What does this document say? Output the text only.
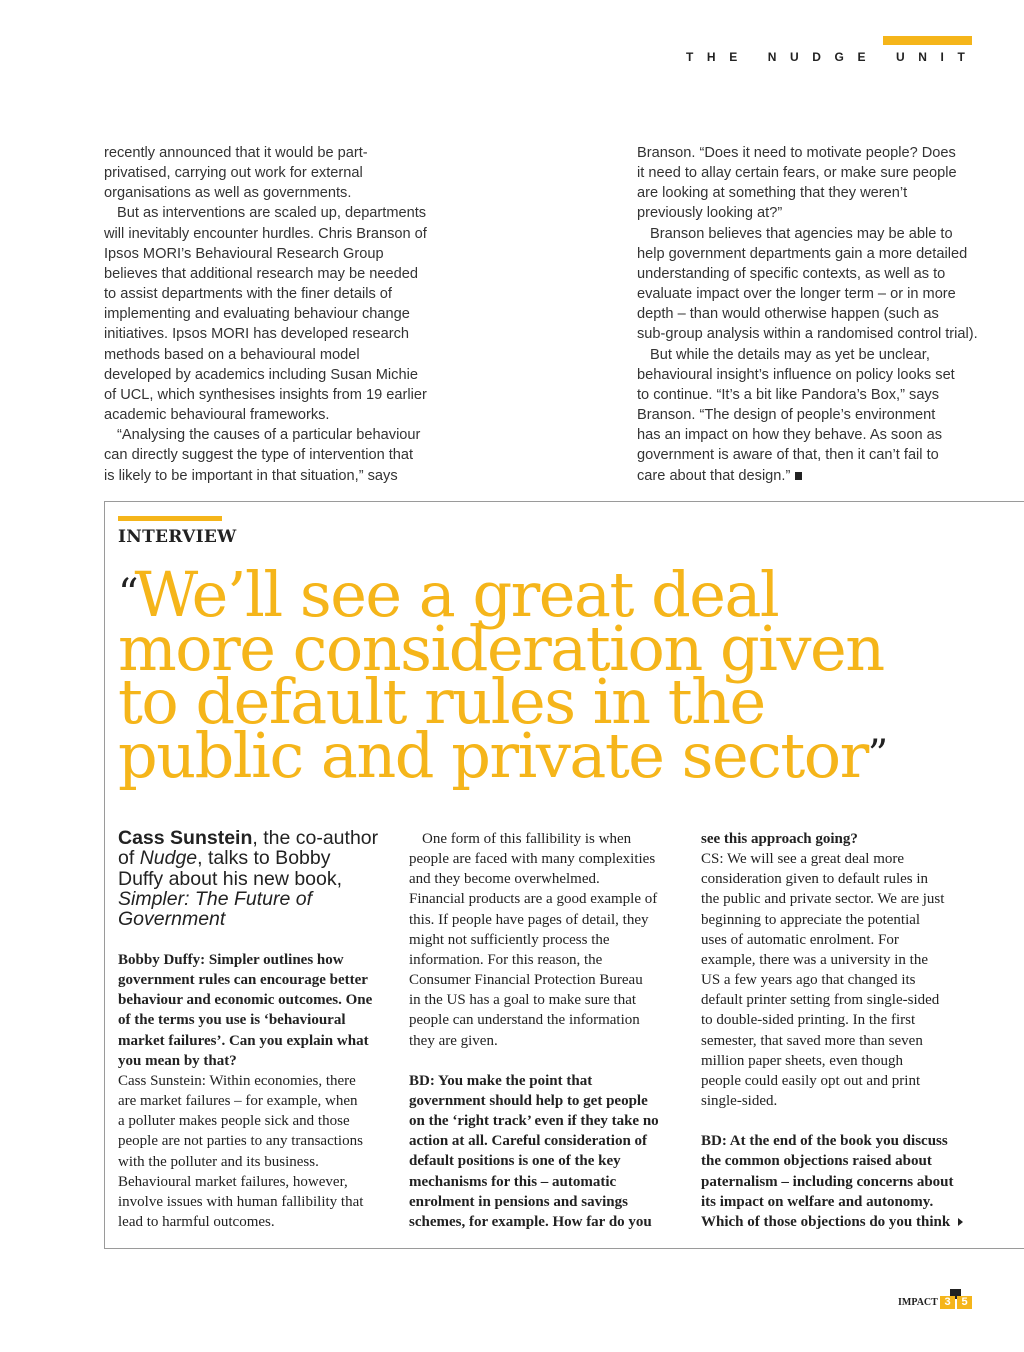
THE NUDGE UNIT
recently announced that it would be part-
privatised, carrying out work for external
organisations as well as governments.
But as interventions are scaled up, departments
will inevitably encounter hurdles. Chris Branson of
Ipsos MORI’s Behavioural Research Group
believes that additional research may be needed
to assist departments with the finer details of
implementing and evaluating behaviour change
initiatives. Ipsos MORI has developed research
methods based on a behavioural model
developed by academics including Susan Michie
of UCL, which synthesises insights from 19 earlier
academic behavioural frameworks.
“Analysing the causes of a particular behaviour
can directly suggest the type of intervention that
is likely to be important in that situation,” says
Branson. “Does it need to motivate people? Does
it need to allay certain fears, or make sure people
are looking at something that they weren’t
previously looking at?”
Branson believes that agencies may be able to
help government departments gain a more detailed
understanding of specific contexts, as well as to
evaluate impact over the longer term – or in more
depth – than would otherwise happen (such as
sub-group analysis within a randomised control trial).
But while the details may as yet be unclear,
behavioural insight’s influence on policy looks set
to continue. “It’s a bit like Pandora’s Box,” says
Branson. “The design of people’s environment
has an impact on how they behave. As soon as
government is aware of that, then it can’t fail to
care about that design.”
INTERVIEW
“We’ll see a great deal
more consideration given
to default rules in the
public and private sector”
Cass Sunstein, the co-author
of Nudge, talks to Bobby
Duffy about his new book,
Simpler: The Future of
Government
Bobby Duffy: Simpler outlines how
government rules can encourage better
behaviour and economic outcomes. One
of the terms you use is ‘behavioural
market failures’. Can you explain what
you mean by that?
Cass Sunstein: Within economies, there
are market failures – for example, when
a polluter makes people sick and those
people are not parties to any transactions
with the polluter and its business.
Behavioural market failures, however,
involve issues with human fallibility that
lead to harmful outcomes.
One form of this fallibility is when
people are faced with many complexities
and they become overwhelmed.
Financial products are a good example of
this. If people have pages of detail, they
might not sufficiently process the
information. For this reason, the
Consumer Financial Protection Bureau
in the US has a goal to make sure that
people can understand the information
they are given.
BD: You make the point that
government should help to get people
on the ‘right track’ even if they take no
action at all. Careful consideration of
default positions is one of the key
mechanisms for this – automatic
enrolment in pensions and savings
schemes, for example. How far do you
see this approach going?
CS: We will see a great deal more
consideration given to default rules in
the public and private sector. We are just
beginning to appreciate the potential
uses of automatic enrolment. For
example, there was a university in the
US a few years ago that changed its
default printer setting from single-sided
to double-sided printing. In the first
semester, that saved more than seven
million paper sheets, even though
people could easily opt out and print
single-sided.
BD: At the end of the book you discuss
the common objections raised about
paternalism – including concerns about
its impact on welfare and autonomy.
Which of those objections do you think
IMPACT 3 5
